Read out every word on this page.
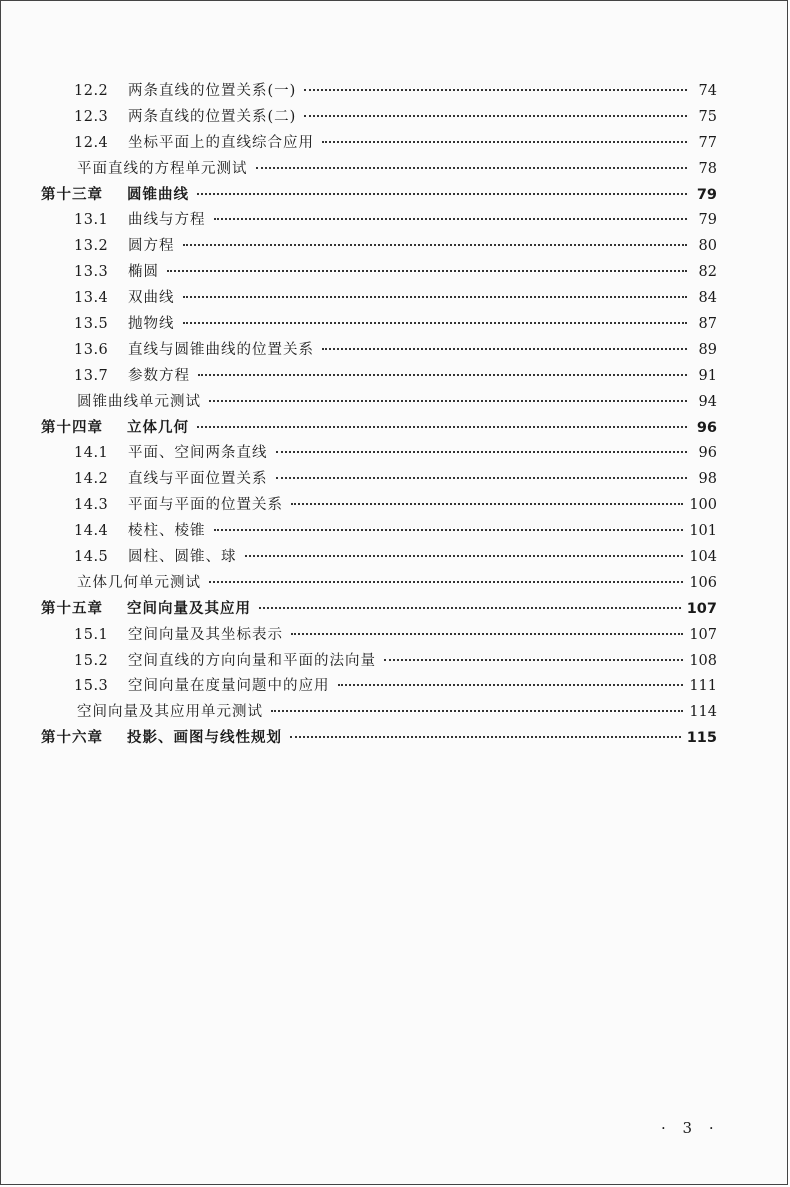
12.2	两条直线的位置关系(一)	74
12.3	两条直线的位置关系(二)	75
12.4	坐标平面上的直线综合应用	77
平面直线的方程单元测试	78
第十三章	圆锥曲线	79
13.1	曲线与方程	79
13.2	圆方程	80
13.3	椭圆	82
13.4	双曲线	84
13.5	抛物线	87
13.6	直线与圆锥曲线的位置关系	89
13.7	参数方程	91
圆锥曲线单元测试	94
第十四章	立体几何	96
14.1	平面、空间两条直线	96
14.2	直线与平面位置关系	98
14.3	平面与平面的位置关系	100
14.4	棱柱、棱锥	101
14.5	圆柱、圆锥、球	104
立体几何单元测试	106
第十五章	空间向量及其应用	107
15.1	空间向量及其坐标表示	107
15.2	空间直线的方向向量和平面的法向量	108
15.3	空间向量在度量问题中的应用	111
空间向量及其应用单元测试	114
第十六章	投影、画图与线性规划	115
· 3 ·
